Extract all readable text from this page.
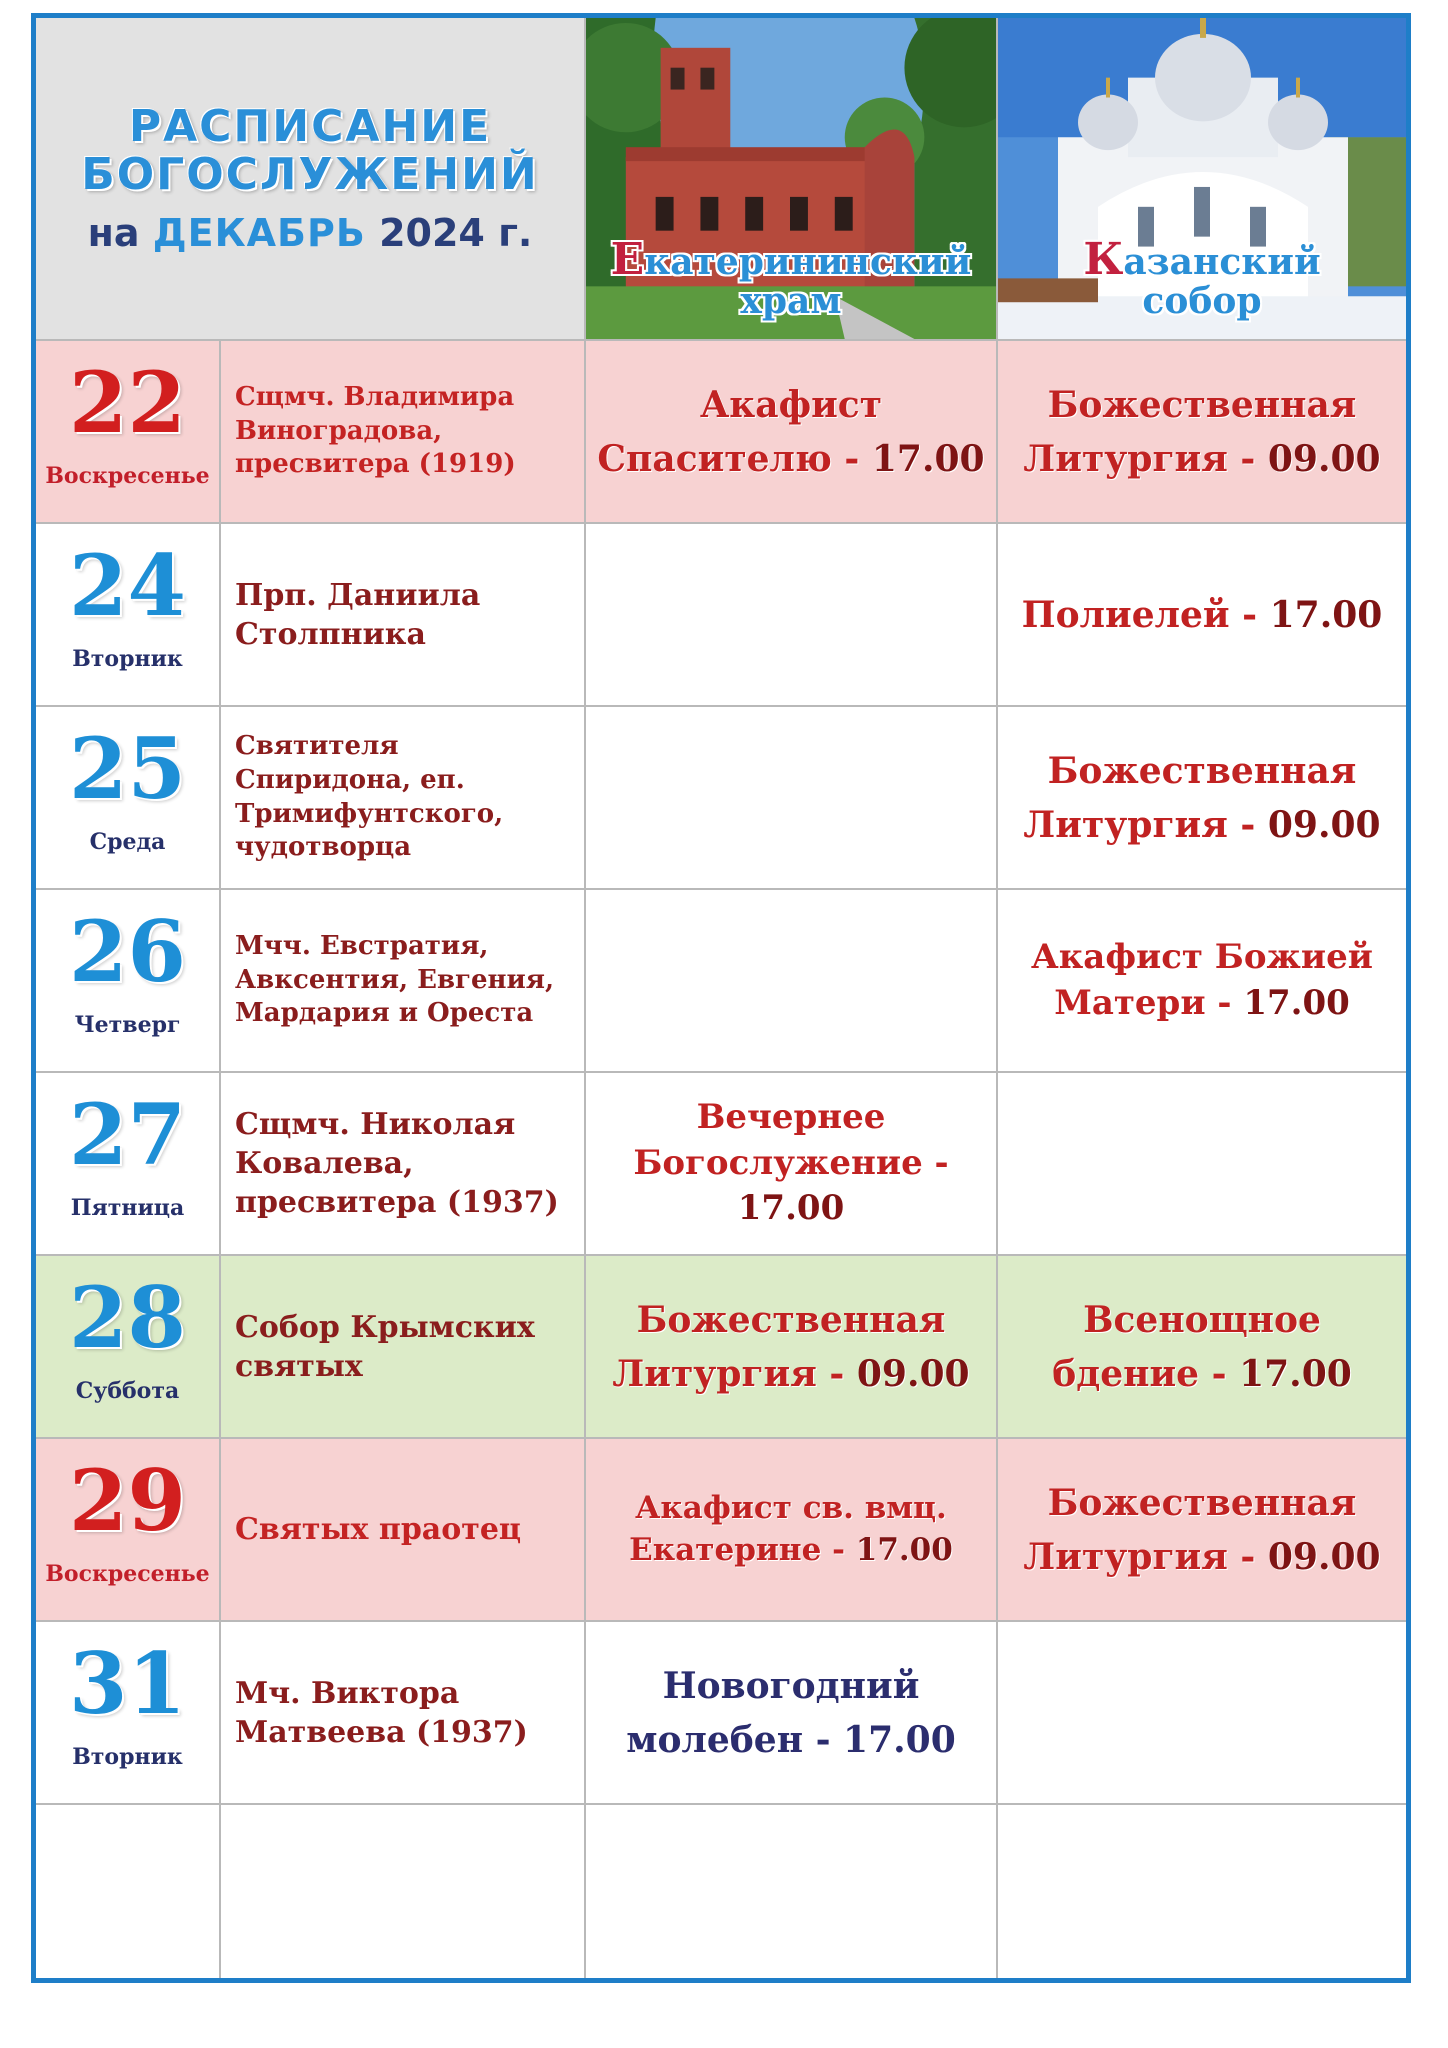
РАСПИСАНИЕ
БОГОСЛУЖЕНИЙ
на ДЕКАБРЬ 2024 г.
Екатерининский
храм
Казанский
собор
22
Воскресенье
Сщмч. Владимира Виноградова, пресвитера (1919)
Акафист Спасителю - 17.00
Божественная Литургия - 09.00
24
Вторник
Прп. Даниила Столпника	Полиелей - 17.00
25
Среда
Святителя Спиридона, еп. Тримифунтского, чудотворца
Божественная Литургия - 09.00
26
Четверг
Мчч. Евстратия, Авксентия, Евгения, Мардария и Ореста
Акафист Божией Матери - 17.00
27
Пятница
Сщмч. Николая Ковалева, пресвитера (1937)
Вечернее Богослужение - 17.00
28
Суббота
Собор Крымских святых
Божественная Литургия - 09.00
Всенощное бдение - 17.00
29
Воскресенье
Святых праотец
Акафист св. вмц. Екатерине - 17.00
Божественная Литургия - 09.00
31
Вторник
Мч. Виктора Матвеева (1937)
Новогодний молебен - 17.00
